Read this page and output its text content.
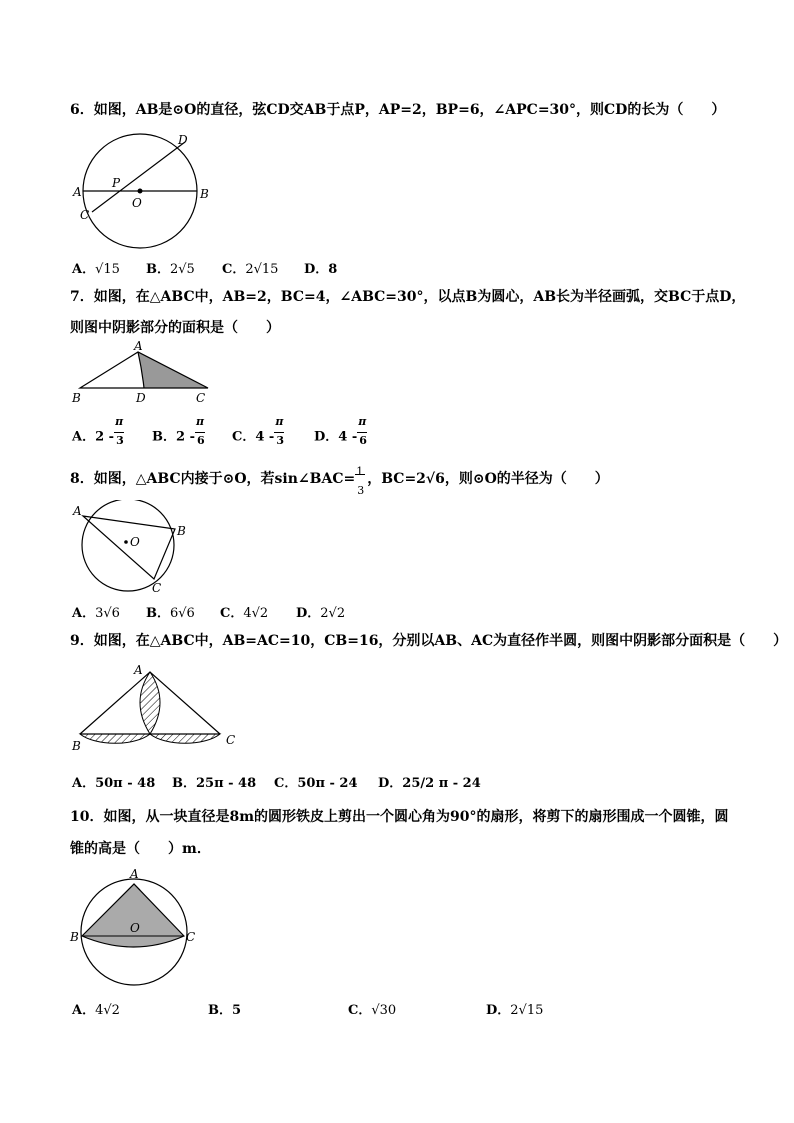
6．如图，AB是⊙O的直径，弦CD交AB于点P，AP=2，BP=6，∠APC=30°，则CD的长为（　　）
A	B
C
D
P
O
A．√15 B．2√5 C．2√15 D．8
7．如图，在△ABC中，AB=2，BC=4，∠ABC=30°，以点B为圆心，AB长为半径画弧，交BC于点D，
则图中阴影部分的面积是（　　）
A
B	D	C
A．$2 - \frac{\pi}{3}$ B．$2 - \frac{\pi}{6}$ C．$4 - \frac{\pi}{3}$ D．$4 - \frac{\pi}{6}$
8．如图，△ABC内接于⊙O，若sin∠BAC= 1
3
，BC=2√6，则⊙O的半径为（　　）
A
B
C
O
A．3√6 B．6√6 C．4√2 D．2√2
9．如图，在△ABC中，AB=AC=10，CB=16，分别以AB、AC为直径作半圆，则图中阴影部分面积是（　　）
A
B	C
A．50π - 48 B．25π - 48 C．50π - 24 D．25/2 π - 24
10．如图，从一块直径是8m的圆形铁皮上剪出一个圆心角为90°的扇形，将剪下的扇形围成一个圆锥，圆
锥的高是（　　）m．
A
B	C
O
A．4√2	B．5	C．√30	D．2√15
